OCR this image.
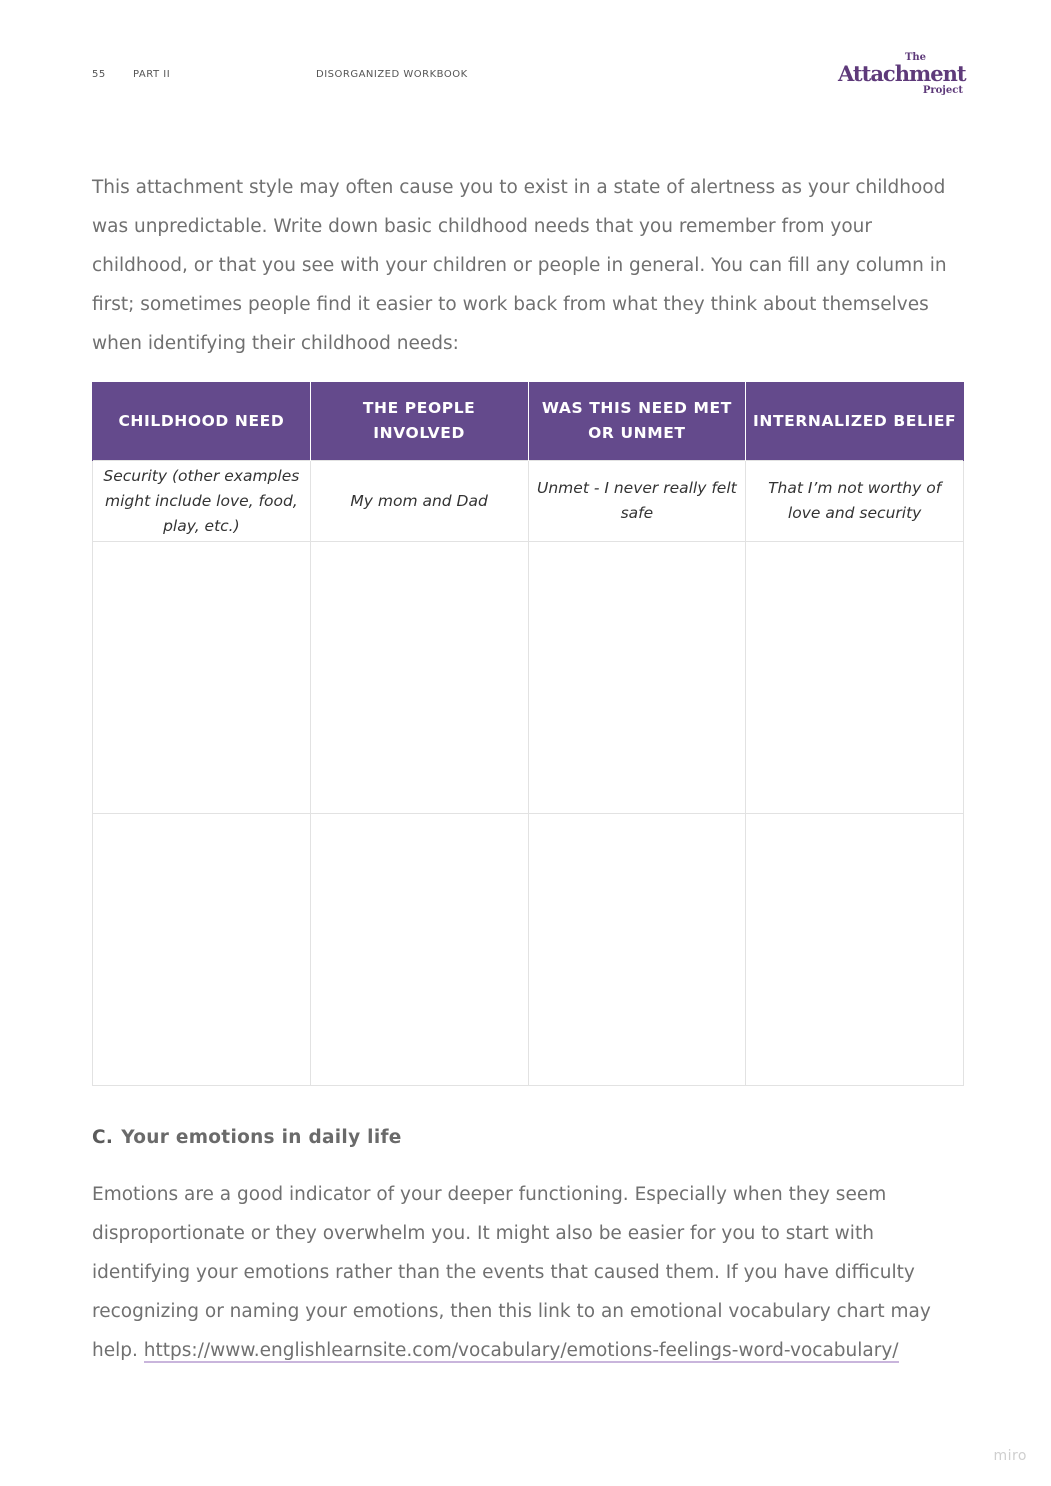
55	PART II	DISORGANIZED WORKBOOK
The
Attachment
Project

This attachment style may often cause you to exist in a state of alertness as your childhood was unpredictable. Write down basic childhood needs that you remember from your childhood, or that you see with your children or people in general. You can fill any column in first; sometimes people find it easier to work back from what they think about themselves when identifying their childhood needs:

CHILDHOOD NEED	THE PEOPLE INVOLVED	WAS THIS NEED MET OR UNMET	INTERNALIZED BELIEF
Security (other examples might include love, food, play, etc.)	My mom and Dad	Unmet - I never really felt safe	That I’m not worthy of love and security

C. Your emotions in daily life

Emotions are a good indicator of your deeper functioning. Especially when they seem disproportionate or they overwhelm you. It might also be easier for you to start with identifying your emotions rather than the events that caused them. If you have difficulty recognizing or naming your emotions, then this link to an emotional vocabulary chart may help. https://www.englishlearnsite.com/vocabulary/emotions-feelings-word-vocabulary/

miro
